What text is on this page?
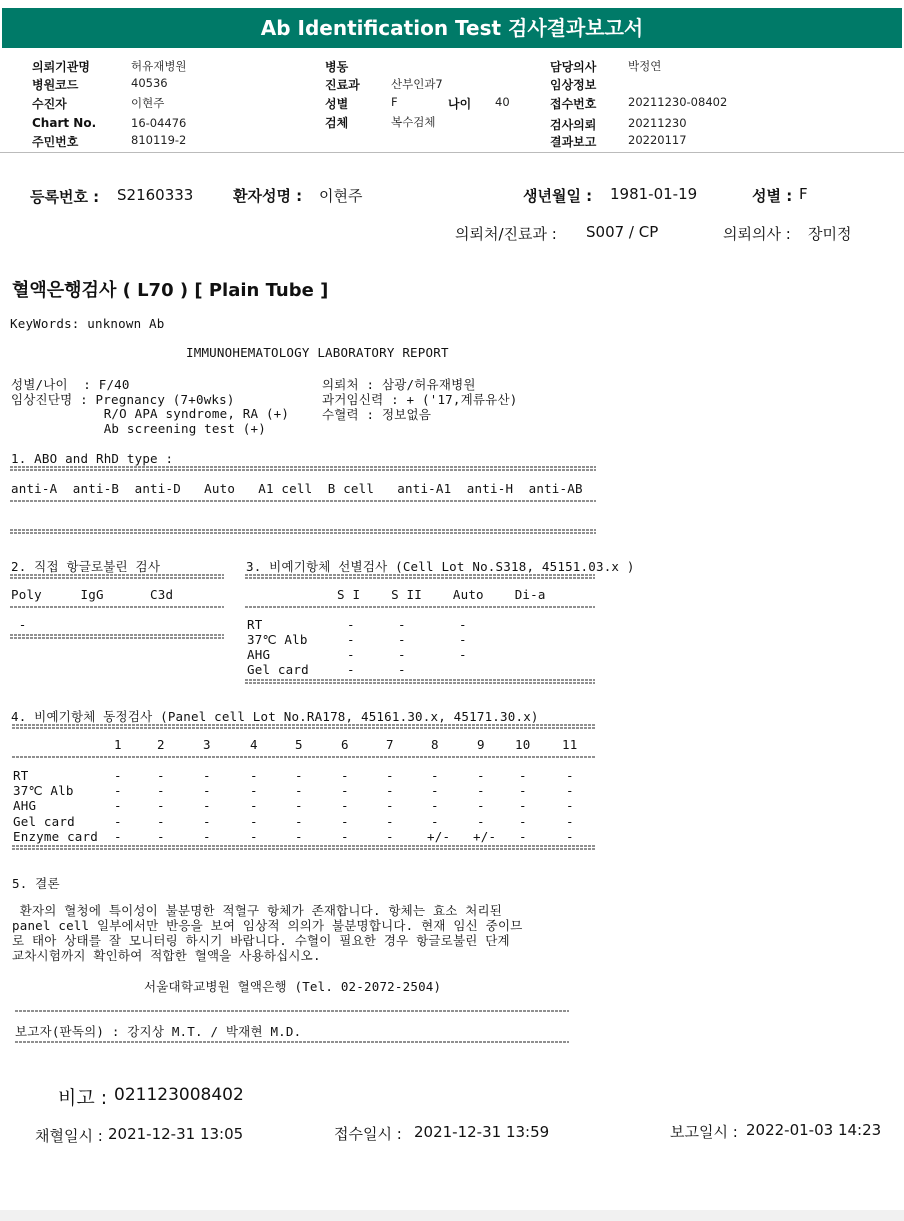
Ab Identification Test 검사결과보고서
의뢰기관명	허유재병원
병원코드	40536
수진자	이현주
Chart No.	16-04476
주민번호	810119-2
병동
진료과	산부인과7
성별	F	나이 40
검체	복수검체
담당의사	박정연
임상정보
접수번호	20211230-08402
검사의뢰	20211230
결과보고	20220117
등록번호 : S2160333	환자성명 : 이현주	생년월일 : 1981-01-19	성별 : F
의뢰처/진료과 : S007 / CP	의뢰의사 : 장미정
혈액은행검사 ( L70 ) [ Plain Tube ]
KeyWords: unknown Ab
IMMUNOHEMATOLOGY LABORATORY REPORT
성별/나이  : F/40
임상진단명 : Pregnancy (7+0wks)
R/O APA syndrome, RA (+)
Ab screening test (+)
의뢰처 : 삼광/허유재병원
과거임신력 : + ('17,계류유산)
수혈력 : 정보없음
1. ABO and RhD type :
anti-A  anti-B  anti-D   Auto   A1 cell  B cell   anti-A1  anti-H  anti-AB
2. 직접 항글로불린 검사
Poly     IgG      C3d
-
3. 비예기항체 선별검사 (Cell Lot No.S318, 45151.03.x )
S I    S II    Auto    Di-a
RT	-	-	-
37℃ Alb	-	-	-
AHG	-	-	-
Gel card	-	-
4. 비예기항체 동정검사 (Panel cell Lot No.RA178, 45161.30.x, 45171.30.x)
1	2	3	4	5	6	7	8	9 10	11
RT	-	-	-	-	-	-	-	-	-	-	-
37℃ Alb	-	-	-	-	-	-	-	-	-	-	-
AHG	-	-	-	-	-	-	-	-	-	-	-
Gel card	-	-	-	-	-	-	-	-	-	-	-
Enzyme card -	-	-	-	-	-	-	+/- +/- -	-
5. 결론
환자의 혈청에 특이성이 불분명한 적혈구 항체가 존재합니다. 항체는 효소 처리된
panel cell 일부에서만 반응을 보여 임상적 의의가 불분명합니다. 현재 임신 중이므
로 태아 상태를 잘 모니터링 하시기 바랍니다. 수혈이 필요한 경우 항글로불린 단계
교차시험까지 확인하여 적합한 혈액을 사용하십시오.
서울대학교병원 혈액은행 (Tel. 02-2072-2504)
보고자(판독의) : 강지상 M.T. / 박재현 M.D.
비고 : 021123008402
채혈일시 : 2021-12-31 13:05	접수일시 : 2021-12-31 13:59	보고일시 : 2022-01-03 14:23
